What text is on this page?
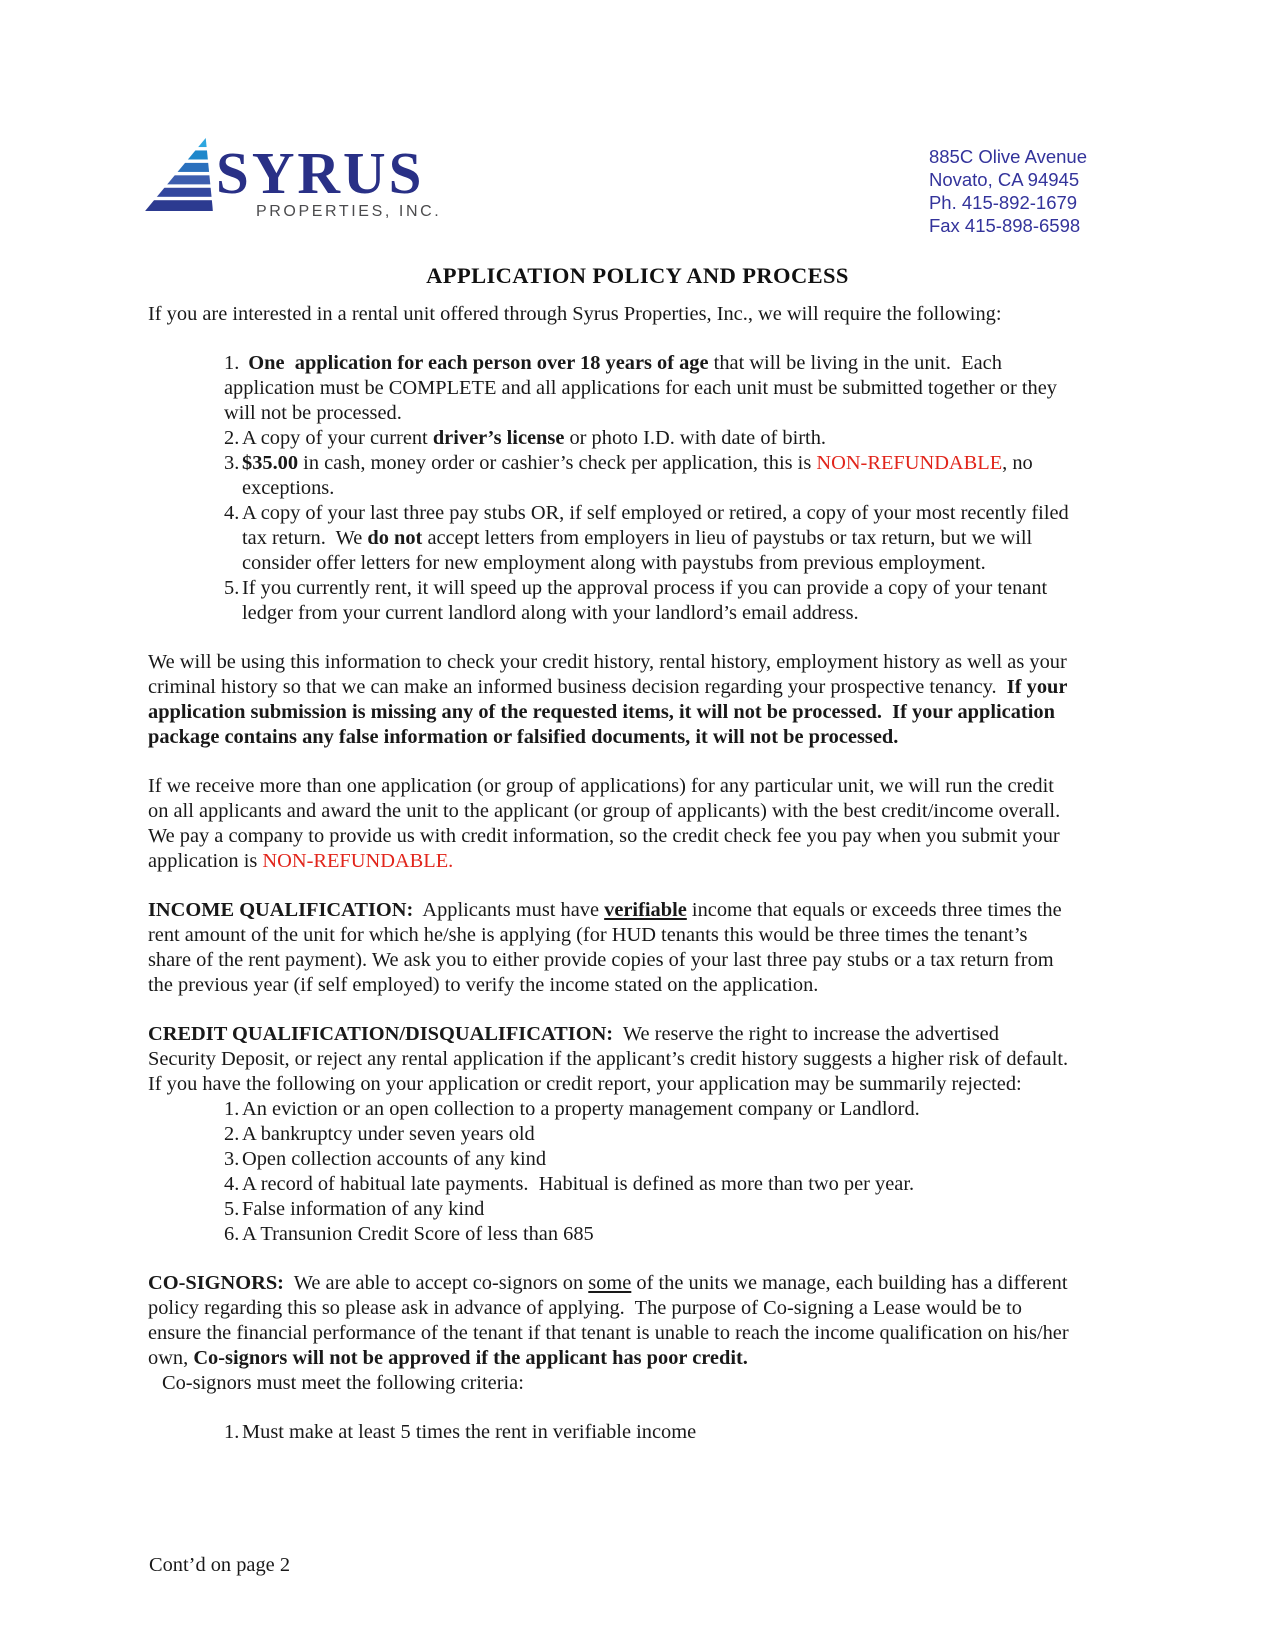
SYRUS
PROPERTIES, INC.
885C Olive Avenue
Novato, CA 94945
Ph. 415-892-1679
Fax 415-898-6598
APPLICATION POLICY AND PROCESS

If you are interested in a rental unit offered through Syrus Properties, Inc., we will require the following:

1. One  application for each person over 18 years of age that will be living in the unit.  Each application must be COMPLETE and all applications for each unit must be submitted together or they will not be processed.
2. A copy of your current driver’s license or photo I.D. with date of birth.
3. $35.00 in cash, money order or cashier’s check per application, this is NON-REFUNDABLE, no exceptions.
4. A copy of your last three pay stubs OR, if self employed or retired, a copy of your most recently filed tax return.  We do not accept letters from employers in lieu of paystubs or tax return, but we will consider offer letters for new employment along with paystubs from previous employment.
5. If you currently rent, it will speed up the approval process if you can provide a copy of your tenant ledger from your current landlord along with your landlord’s email address.

We will be using this information to check your credit history, rental history, employment history as well as your criminal history so that we can make an informed business decision regarding your prospective tenancy.  If your application submission is missing any of the requested items, it will not be processed.  If your application package contains any false information or falsified documents, it will not be processed.

If we receive more than one application (or group of applications) for any particular unit, we will run the credit on all applicants and award the unit to the applicant (or group of applicants) with the best credit/income overall.  We pay a company to provide us with credit information, so the credit check fee you pay when you submit your application is NON-REFUNDABLE.

INCOME QUALIFICATION:  Applicants must have verifiable income that equals or exceeds three times the rent amount of the unit for which he/she is applying (for HUD tenants this would be three times the tenant’s share of the rent payment). We ask you to either provide copies of your last three pay stubs or a tax return from the previous year (if self employed) to verify the income stated on the application.

CREDIT QUALIFICATION/DISQUALIFICATION:  We reserve the right to increase the advertised Security Deposit, or reject any rental application if the applicant’s credit history suggests a higher risk of default.  If you have the following on your application or credit report, your application may be summarily rejected:

1. An eviction or an open collection to a property management company or Landlord.
2. A bankruptcy under seven years old
3. Open collection accounts of any kind
4. A record of habitual late payments.  Habitual is defined as more than two per year.
5. False information of any kind
6. A Transunion Credit Score of less than 685

CO-SIGNORS:  We are able to accept co-signors on some of the units we manage, each building has a different policy regarding this so please ask in advance of applying.  The purpose of Co-signing a Lease would be to ensure the financial performance of the tenant if that tenant is unable to reach the income qualification on his/her own, Co-signors will not be approved if the applicant has poor credit.

Co-signors must meet the following criteria:

1. Must make at least 5 times the rent in verifiable income
Cont’d on page 2
